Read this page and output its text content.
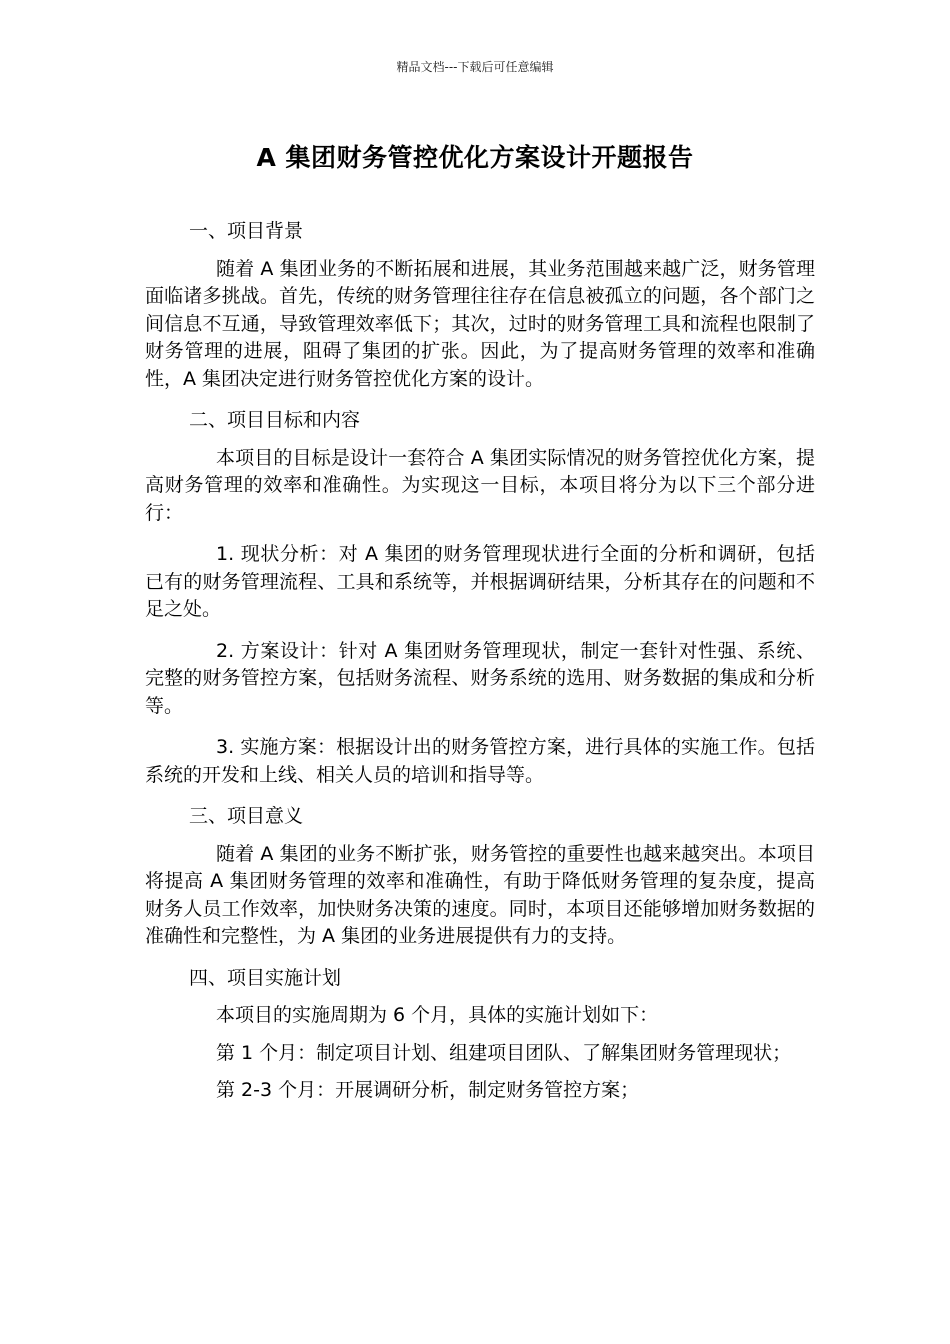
精品文档---下载后可任意编辑
A 集团财务管控优化方案设计开题报告
一、项目背景
随着 A 集团业务的不断拓展和进展，其业务范围越来越广泛，财务管理面临诸多挑战。首先，传统的财务管理往往存在信息被孤立的问题，各个部门之间信息不互通，导致管理效率低下；其次，过时的财务管理工具和流程也限制了财务管理的进展，阻碍了集团的扩张。因此，为了提高财务管理的效率和准确性，A 集团决定进行财务管控优化方案的设计。
二、项目目标和内容
本项目的目标是设计一套符合 A 集团实际情况的财务管控优化方案，提高财务管理的效率和准确性。为实现这一目标，本项目将分为以下三个部分进行：
1. 现状分析：对 A 集团的财务管理现状进行全面的分析和调研，包括已有的财务管理流程、工具和系统等，并根据调研结果，分析其存在的问题和不足之处。
2. 方案设计：针对 A 集团财务管理现状，制定一套针对性强、系统、完整的财务管控方案，包括财务流程、财务系统的选用、财务数据的集成和分析等。
3. 实施方案：根据设计出的财务管控方案，进行具体的实施工作。包括系统的开发和上线、相关人员的培训和指导等。
三、项目意义
随着 A 集团的业务不断扩张，财务管控的重要性也越来越突出。本项目将提高 A 集团财务管理的效率和准确性，有助于降低财务管理的复杂度，提高财务人员工作效率，加快财务决策的速度。同时，本项目还能够增加财务数据的准确性和完整性，为 A 集团的业务进展提供有力的支持。
四、项目实施计划
本项目的实施周期为 6 个月，具体的实施计划如下：
第 1 个月：制定项目计划、组建项目团队、了解集团财务管理现状；
第 2-3 个月：开展调研分析，制定财务管控方案；
